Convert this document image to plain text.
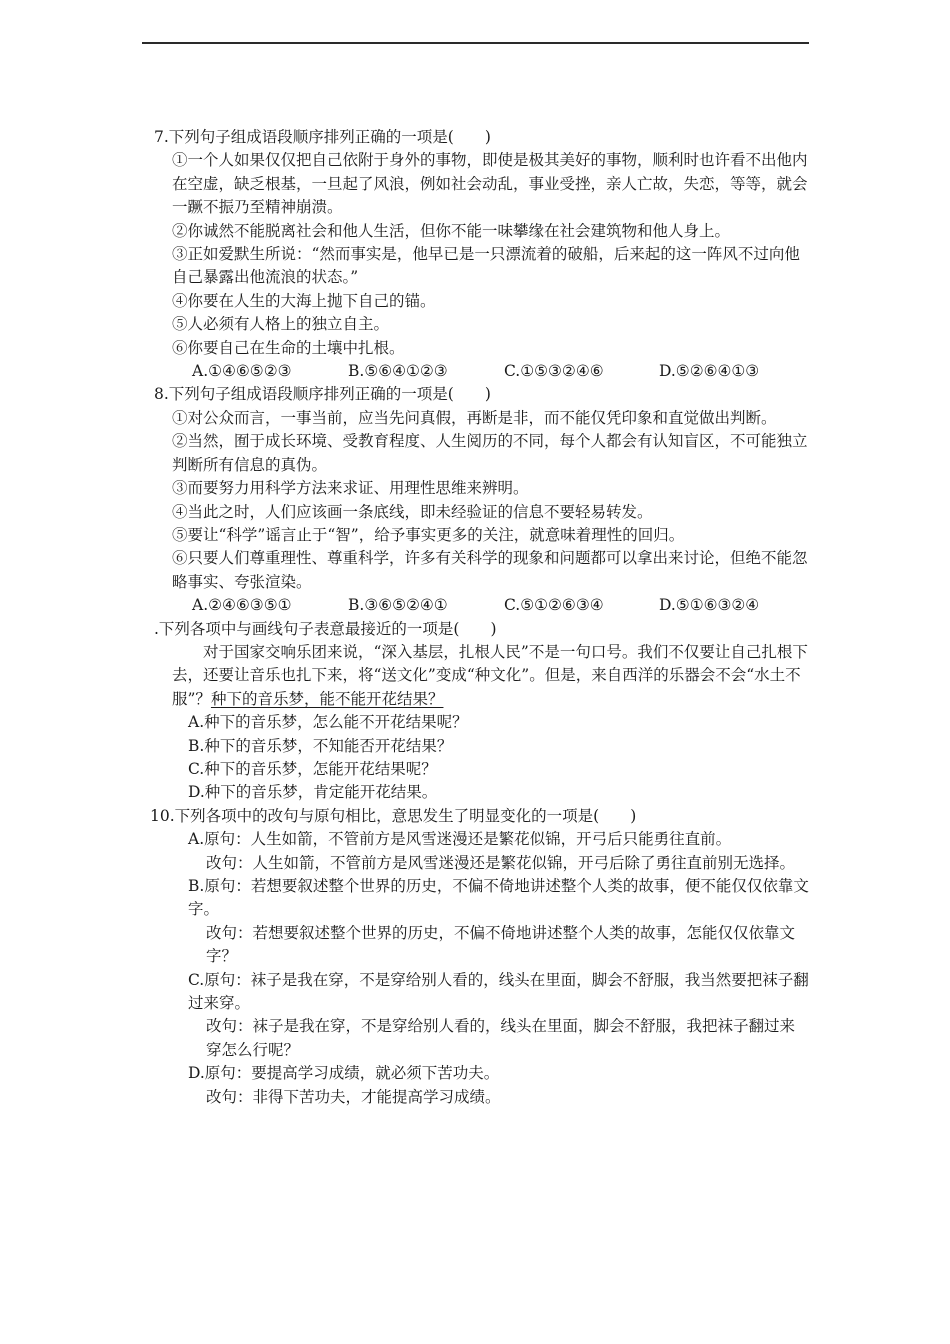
7.下列句子组成语段顺序排列正确的一项是(　　)

①一个人如果仅仅把自己依附于身外的事物，即使是极其美好的事物，顺利时也许看不出他内在空虚，缺乏根基，一旦起了风浪，例如社会动乱，事业受挫，亲人亡故，失恋，等等，就会一蹶不振乃至精神崩溃。

②你诚然不能脱离社会和他人生活，但你不能一味攀缘在社会建筑物和他人身上。

③正如爱默生所说：“然而事实是，他早已是一只漂流着的破船，后来起的这一阵风不过向他自己暴露出他流浪的状态。”

④你要在人生的大海上抛下自己的锚。

⑤人必须有人格上的独立自主。

⑥你要自己在生命的土壤中扎根。

A.①④⑥⑤②③	B.⑤⑥④①②③	C.①⑤③②④⑥	D.⑤②⑥④①③

8.下列句子组成语段顺序排列正确的一项是(　　)

①对公众而言，一事当前，应当先问真假，再断是非，而不能仅凭印象和直觉做出判断。

②当然，囿于成长环境、受教育程度、人生阅历的不同，每个人都会有认知盲区，不可能独立判断所有信息的真伪。

③而要努力用科学方法来求证、用理性思维来辨明。

④当此之时，人们应该画一条底线，即未经验证的信息不要轻易转发。

⑤要让“科学”谣言止于“智”，给予事实更多的关注，就意味着理性的回归。

⑥只要人们尊重理性、尊重科学，许多有关科学的现象和问题都可以拿出来讨论，但绝不能忽略事实、夸张渲染。

A.②④⑥③⑤①	B.③⑥⑤②④①	C.⑤①②⑥③④	D.⑤①⑥③②④

.下列各项中与画线句子表意最接近的一项是(　　)

对于国家交响乐团来说，“深入基层，扎根人民”不是一句口号。我们不仅要让自己扎根下去，还要让音乐也扎下来，将“送文化”变成“种文化”。但是，来自西洋的乐器会不会“水土不服”？种下的音乐梦，能不能开花结果？

A.种下的音乐梦，怎么能不开花结果呢？

B.种下的音乐梦，不知能否开花结果？

C.种下的音乐梦，怎能开花结果呢？

D.种下的音乐梦，肯定能开花结果。

10.下列各项中的改句与原句相比，意思发生了明显变化的一项是(　　)

A.原句：人生如箭，不管前方是风雪迷漫还是繁花似锦，开弓后只能勇往直前。

改句：人生如箭，不管前方是风雪迷漫还是繁花似锦，开弓后除了勇往直前别无选择。

B.原句：若想要叙述整个世界的历史，不偏不倚地讲述整个人类的故事，便不能仅仅依靠文字。

改句：若想要叙述整个世界的历史，不偏不倚地讲述整个人类的故事，怎能仅仅依靠文字？

C.原句：袜子是我在穿，不是穿给别人看的，线头在里面，脚会不舒服，我当然要把袜子翻过来穿。

改句：袜子是我在穿，不是穿给别人看的，线头在里面，脚会不舒服，我把袜子翻过来穿怎么行呢？

D.原句：要提高学习成绩，就必须下苦功夫。

改句：非得下苦功夫，才能提高学习成绩。
